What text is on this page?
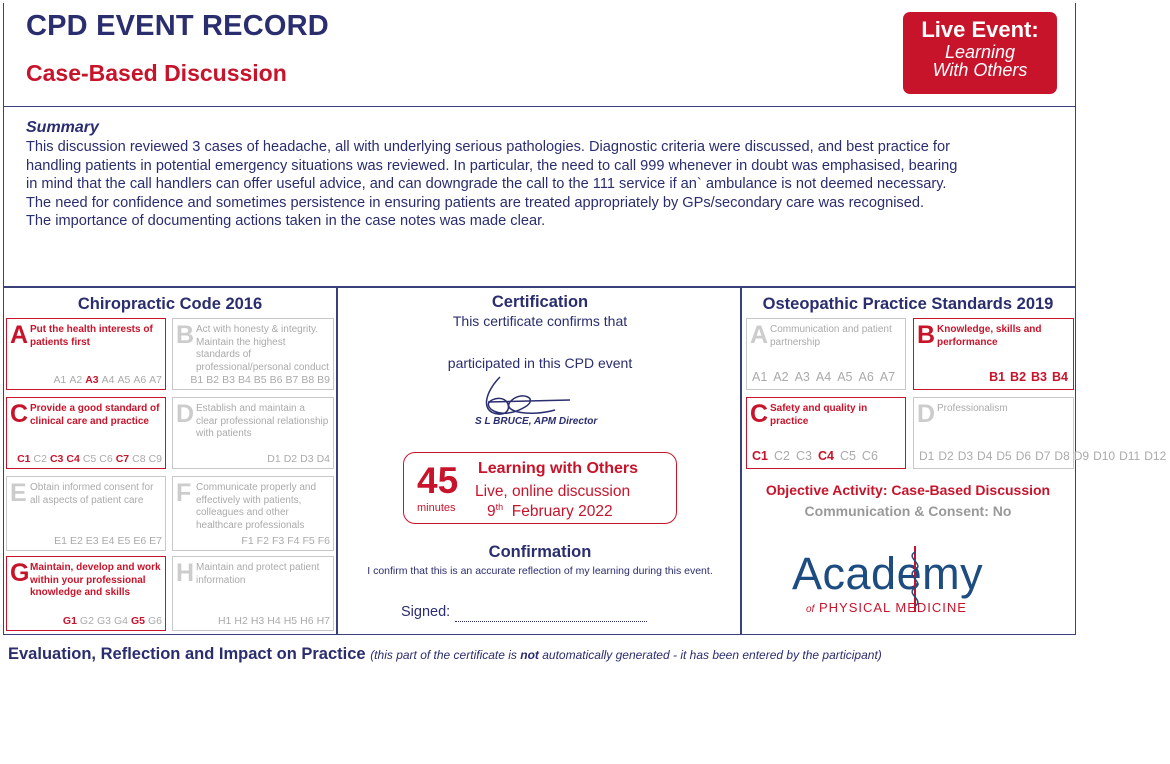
CPD EVENT RECORD
Case-Based Discussion
Live Event:
Learning
With Others
Summary

This discussion reviewed 3 cases of headache, all with underlying serious pathologies. Diagnostic criteria were discussed, and best practice for

handling patients in potential emergency situations was reviewed. In particular, the need to call 999 whenever in doubt was emphasised, bearing

in mind that the call handlers can offer useful advice, and can downgrade the call to the 111 service if an` ambulance is not deemed necessary.

The need for confidence and sometimes persistence in ensuring patients are treated appropriately by GPs/secondary care was recognised.

The importance of documenting actions taken in the case notes was made clear.

Chiropractic Code 2016
A Put the health interests of patients first
A1 A2 A3 A4 A5 A6 A7
B Act with honesty & integrity. Maintain the highest standards of professional/personal conduct
B1 B2 B3 B4 B5 B6 B7 B8 B9
C Provide a good standard of clinical care and practice
C1 C2 C3 C4 C5 C6 C7 C8 C9
D Establish and maintain a clear professional relationship with patients
D1 D2 D3 D4
E Obtain informed consent for all aspects of patient care
E1 E2 E3 E4 E5 E6 E7
F Communicate properly and effectively with patients, colleagues and other healthcare professionals
F1 F2 F3 F4 F5 F6
G Maintain, develop and work within your professional knowledge and skills
G1 G2 G3 G4 G5 G6
H Maintain and protect patient information
H1 H2 H3 H4 H5 H6 H7
Certification
This certificate confirms that
participated in this CPD event
S L BRUCE, APM Director
45
minutes
Learning with Others
Live, online discussion
9th February 2022
Confirmation
I confirm that this is an accurate reflection of my learning during this event.
Signed:
Osteopathic Practice Standards 2019
A Communication and patient partnership
A1 A2 A3 A4 A5 A6 A7
B Knowledge, skills and performance
B1 B2 B3 B4
C Safety and quality in practice
C1 C2 C3 C4 C5 C6
D Professionalism
D1 D2 D3 D4 D5 D6 D7 D8 D9 D10 D11 D12
Objective Activity: Case-Based Discussion
Communication & Consent: No
Academy
of PHYSICAL MEDICINE
Evaluation, Reflection and Impact on Practice (this part of the certificate is not automatically generated - it has been entered by the participant)
